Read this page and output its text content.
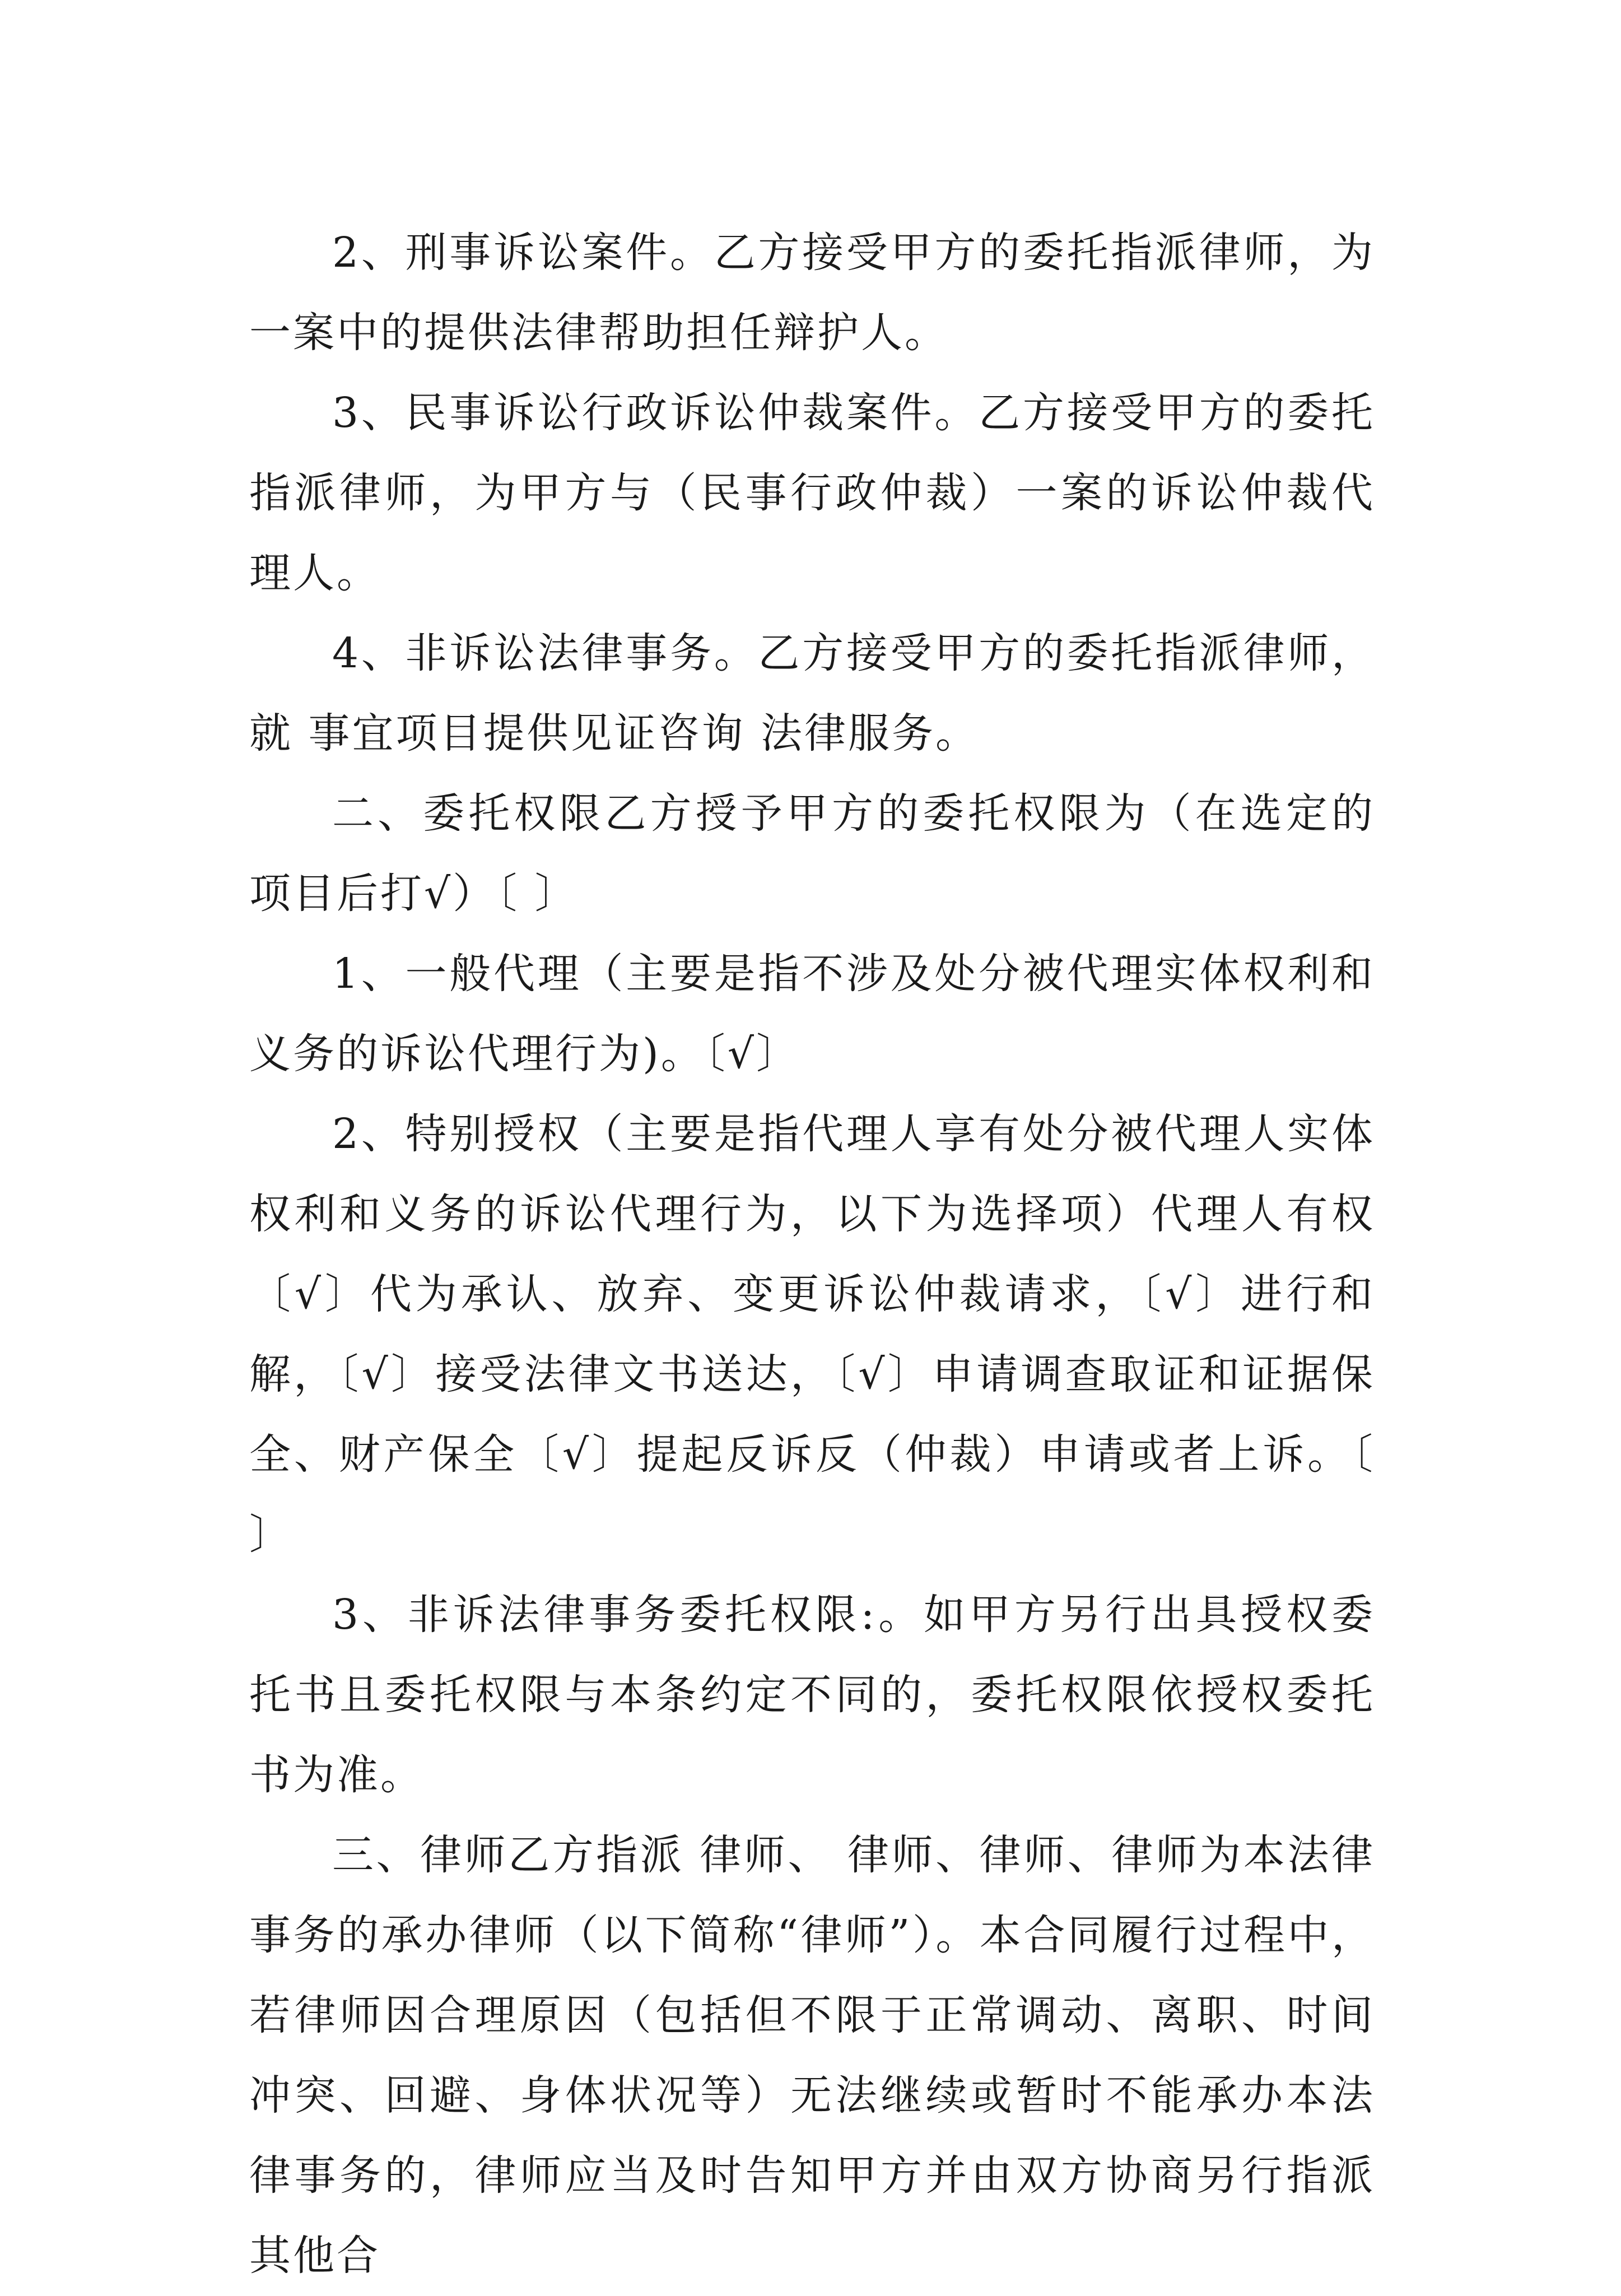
2、刑事诉讼案件。乙方接受甲方的委托指派律师，为一案中的提供法律帮助担任辩护人。

3、民事诉讼行政诉讼仲裁案件。乙方接受甲方的委托指派律师，为甲方与（民事行政仲裁）一案的诉讼仲裁代理人。

4、非诉讼法律事务。乙方接受甲方的委托指派律师，就 事宜项目提供见证咨询 法律服务。

二、委托权限乙方授予甲方的委托权限为（在选定的项目后打√）〔 〕

1、一般代理（主要是指不涉及处分被代理实体权利和义务的诉讼代理行为)。〔√〕

2、特别授权（主要是指代理人享有处分被代理人实体权利和义务的诉讼代理行为，以下为选择项）代理人有权〔√〕代为承认、放弃、变更诉讼仲裁请求，〔√〕进行和解，〔√〕接受法律文书送达，〔√〕申请调查取证和证据保全、财产保全〔√〕提起反诉反（仲裁）申请或者上诉。〔 〕

3、非诉法律事务委托权限:。如甲方另行出具授权委托书且委托权限与本条约定不同的，委托权限依授权委托书为准。

三、律师乙方指派 律师、 律师、律师、律师为本法律事务的承办律师（以下简称“律师”）。本合同履行过程中，若律师因合理原因（包括但不限于正常调动、离职、时间冲突、回避、身体状况等）无法继续或暂时不能承办本法律事务的，律师应当及时告知甲方并由双方协商另行指派其他合
